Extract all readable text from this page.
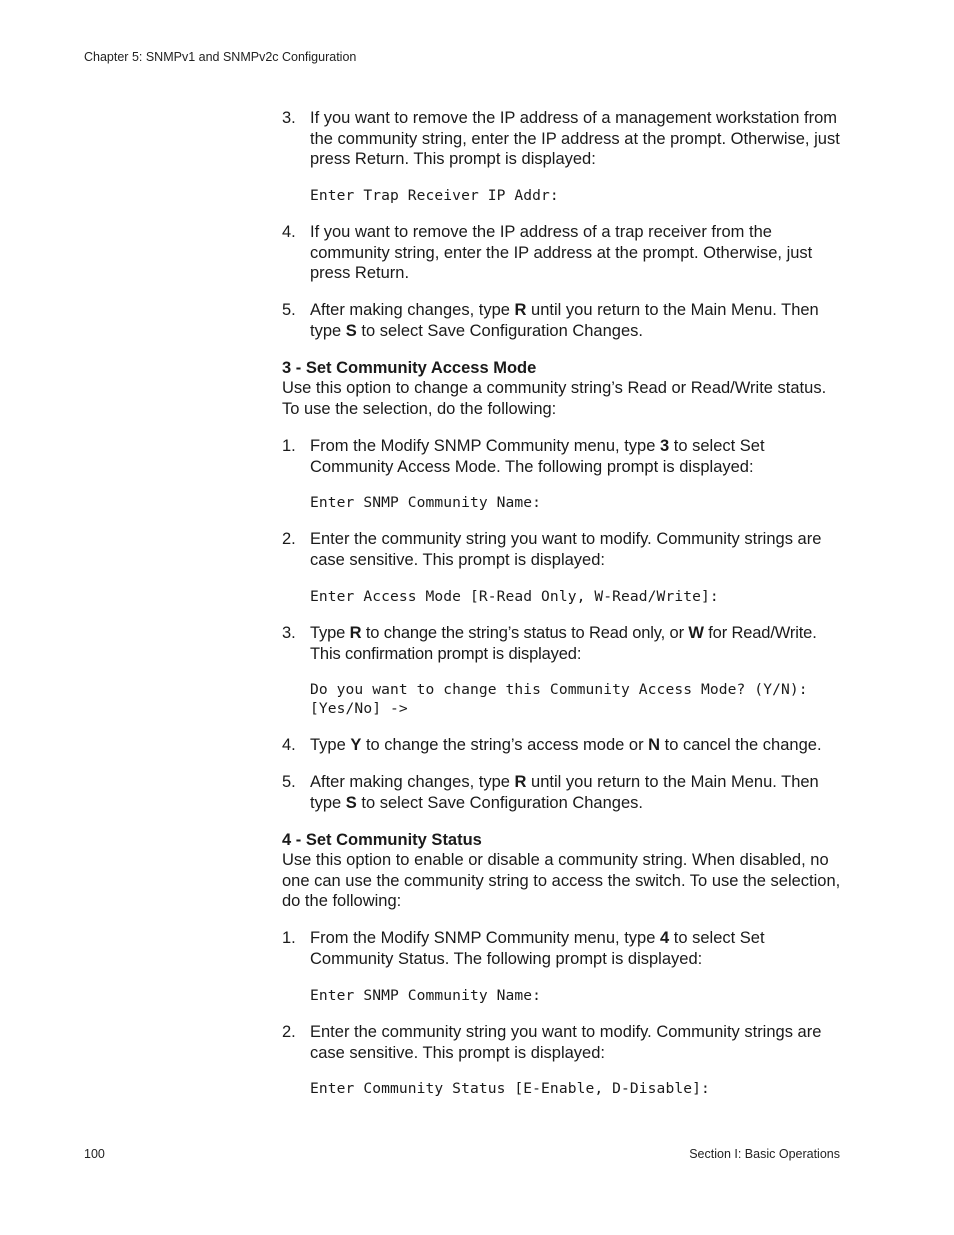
Chapter 5: SNMPv1 and SNMPv2c Configuration
3. If you want to remove the IP address of a management workstation from the community string, enter the IP address at the prompt. Otherwise, just press Return. This prompt is displayed:
Enter Trap Receiver IP Addr:
4. If you want to remove the IP address of a trap receiver from the community string, enter the IP address at the prompt. Otherwise, just press Return.
5. After making changes, type R until you return to the Main Menu. Then type S to select Save Configuration Changes.
3 - Set Community Access Mode
Use this option to change a community string’s Read or Read/Write status. To use the selection, do the following:
1. From the Modify SNMP Community menu, type 3 to select Set Community Access Mode. The following prompt is displayed:
Enter SNMP Community Name:
2. Enter the community string you want to modify. Community strings are case sensitive. This prompt is displayed:
Enter Access Mode [R-Read Only, W-Read/Write]:
3. Type R to change the string’s status to Read only, or W for Read/Write. This confirmation prompt is displayed:
Do you want to change this Community Access Mode? (Y/N):
[Yes/No] ->
4. Type Y to change the string’s access mode or N to cancel the change.
5. After making changes, type R until you return to the Main Menu. Then type S to select Save Configuration Changes.
4 - Set Community Status
Use this option to enable or disable a community string. When disabled, no one can use the community string to access the switch. To use the selection, do the following:
1. From the Modify SNMP Community menu, type 4 to select Set Community Status. The following prompt is displayed:
Enter SNMP Community Name:
2. Enter the community string you want to modify. Community strings are case sensitive. This prompt is displayed:
Enter Community Status [E-Enable, D-Disable]:
100	Section I: Basic Operations
